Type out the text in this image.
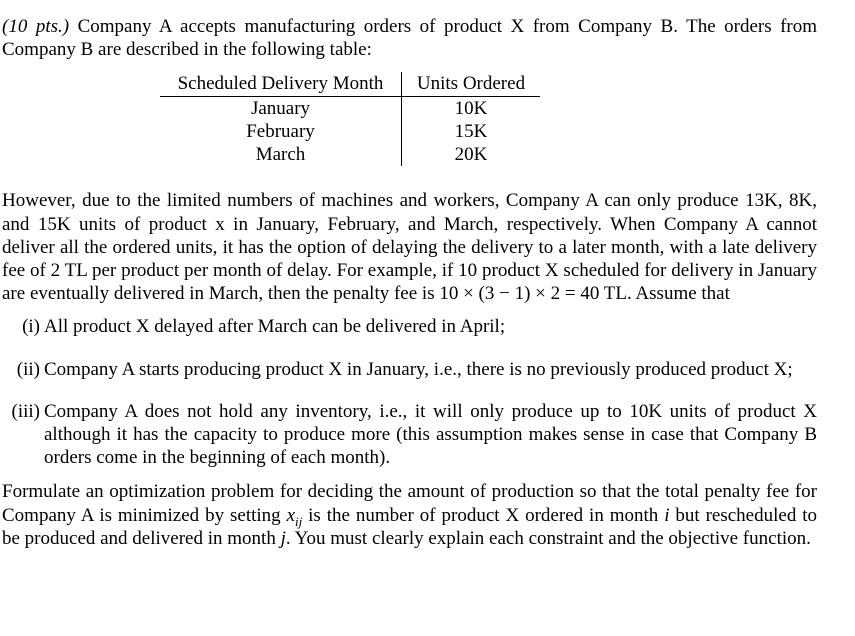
(10 pts.) Company A accepts manufacturing orders of product X from Company B. The orders from Company B are described in the following table:

Scheduled Delivery Month	Units Ordered
January	10K
February	15K
March	20K

However, due to the limited numbers of machines and workers, Company A can only produce 13K, 8K, and 15K units of product x in January, February, and March, respectively. When Company A cannot deliver all the ordered units, it has the option of delaying the delivery to a later month, with a late delivery fee of 2 TL per product per month of delay. For example, if 10 product X scheduled for delivery in January are eventually delivered in March, then the penalty fee is 10 × (3 − 1) × 2 = 40 TL. Assume that

(i) All product X delayed after March can be delivered in April;
(ii) Company A starts producing product X in January, i.e., there is no previously produced product X;
(iii) Company A does not hold any inventory, i.e., it will only produce up to 10K units of product X although it has the capacity to produce more (this assumption makes sense in case that Company B orders come in the beginning of each month).

Formulate an optimization problem for deciding the amount of production so that the total penalty fee for Company A is minimized by setting $x_{ij}$ is the number of product X ordered in month i but rescheduled to be produced and delivered in month j. You must clearly explain each constraint and the objective function.
